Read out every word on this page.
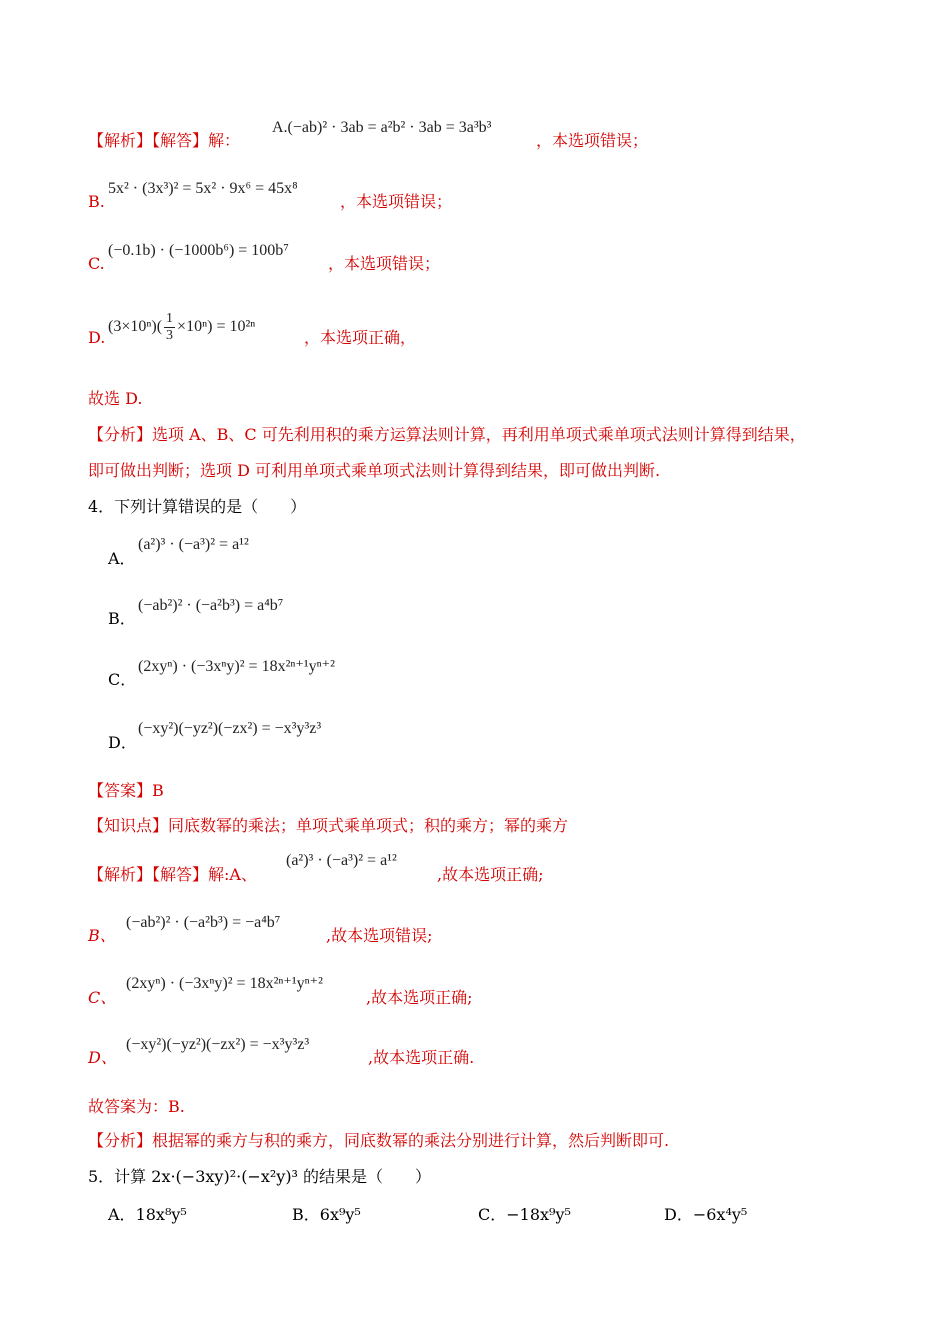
【解析】【解答】解：
A.(−ab)² · 3ab = a²b² · 3ab = 3a³b³
，本选项错误；
B.
5x² · (3x³)² = 5x² · 9x⁶ = 45x⁸
，本选项错误；
C.
(−0.1b) · (−1000b⁶) = 100b⁷
，本选项错误；
D.
$(3\times 10^n)( \frac{1}{3} \times 10^n) = 10^{2n}$
，本选项正确，
故选 D.
【分析】选项 A、B、C 可先利用积的乘方运算法则计算，再利用单项式乘单项式法则计算得到结果，
即可做出判断；选项 D 可利用单项式乘单项式法则计算得到结果，即可做出判断.
4．下列计算错误的是（　　）
A．
(a²)³ · (−a³)² = a¹²
B．
(−ab²)² · (−a²b³) = a⁴b⁷
C．
(2xyⁿ) · (−3xⁿy)² = 18x²ⁿ⁺¹yⁿ⁺²
D．
(−xy²)(−yz²)(−zx²) = −x³y³z³
【答案】B
【知识点】同底数幂的乘法；单项式乘单项式；积的乘方；幂的乘方
【解析】【解答】解:A、
(a²)³ · (−a³)² = a¹²
,故本选项正确;
B、
(−ab²)² · (−a²b³) = −a⁴b⁷
,故本选项错误;
C、
(2xyⁿ) · (−3xⁿy)² = 18x²ⁿ⁺¹yⁿ⁺²
,故本选项正确;
D、
(−xy²)(−yz²)(−zx²) = −x³y³z³
,故本选项正确.
故答案为：B.
【分析】根据幂的乘方与积的乘方，同底数幂的乘法分别进行计算，然后判断即可.
5．计算 2x·(−3xy)²·(−x²y)³ 的结果是（　　）
A．18x⁸y⁵	B．6x⁹y⁵	C．−18x⁹y⁵	D．−6x⁴y⁵
